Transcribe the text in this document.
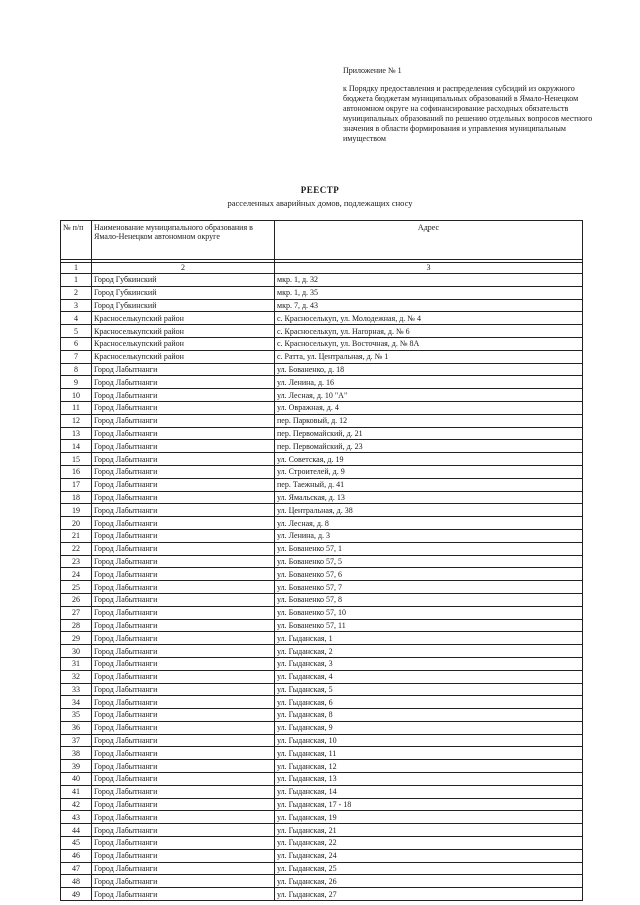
Приложение № 1
к Порядку предоставления и распределения субсидий из окружного бюджета бюджетам муниципальных образований в Ямало-Ненецком автономном округе на софинансирование расходных обязательств муниципальных образований по решению отдельных вопросов местного значения в области формирования и управления муниципальным имуществом
РЕЕСТР
расселенных аварийных домов, подлежащих сносу
№ п/п	Наименование муниципального образования в Ямало-Ненецком автономном округе	Адрес

1	2	3
1	Город Губкинский	мкр. 1, д. 32
2	Город Губкинский	мкр. 1, д. 35
3	Город Губкинский	мкр. 7, д. 43
4	Красноселькупский район	с. Красноселькуп, ул. Молодежная, д. № 4
5	Красноселькупский район	с. Красноселькуп, ул. Нагорная, д. № 6
6	Красноселькупский район	с. Красноселькуп, ул. Восточная, д. № 8А
7	Красноселькупский район	с. Ратта, ул. Центральная, д. № 1
8	Город Лабытнанги	ул. Бованенко, д. 18
9	Город Лабытнанги	ул. Ленина, д. 16
10	Город Лабытнанги	ул. Лесная, д. 10 "А"
11	Город Лабытнанги	ул. Овражная, д. 4
12	Город Лабытнанги	пер. Парковый, д. 12
13	Город Лабытнанги	пер. Первомайский, д. 21
14	Город Лабытнанги	пер. Первомайский, д. 23
15	Город Лабытнанги	ул. Советская, д. 19
16	Город Лабытнанги	ул. Строителей, д. 9
17	Город Лабытнанги	пер. Таежный, д. 41
18	Город Лабытнанги	ул. Ямальская, д. 13
19	Город Лабытнанги	ул. Центральная, д. 38
20	Город Лабытнанги	ул. Лесная, д. 8
21	Город Лабытнанги	ул. Ленина, д. 3
22	Город Лабытнанги	ул. Бованенко 57, 1
23	Город Лабытнанги	ул. Бованенко 57, 5
24	Город Лабытнанги	ул. Бованенко 57, 6
25	Город Лабытнанги	ул. Бованенко 57, 7
26	Город Лабытнанги	ул. Бованенко 57, 8
27	Город Лабытнанги	ул. Бованенко 57, 10
28	Город Лабытнанги	ул. Бованенко 57, 11
29	Город Лабытнанги	ул. Гыданская, 1
30	Город Лабытнанги	ул. Гыданская, 2
31	Город Лабытнанги	ул. Гыданская, 3
32	Город Лабытнанги	ул. Гыданская, 4
33	Город Лабытнанги	ул. Гыданская, 5
34	Город Лабытнанги	ул. Гыданская, 6
35	Город Лабытнанги	ул. Гыданская, 8
36	Город Лабытнанги	ул. Гыданская, 9
37	Город Лабытнанги	ул. Гыданская, 10
38	Город Лабытнанги	ул. Гыданская, 11
39	Город Лабытнанги	ул. Гыданская, 12
40	Город Лабытнанги	ул. Гыданская, 13
41	Город Лабытнанги	ул. Гыданская, 14
42	Город Лабытнанги	ул. Гыданская, 17 - 18
43	Город Лабытнанги	ул. Гыданская, 19
44	Город Лабытнанги	ул. Гыданская, 21
45	Город Лабытнанги	ул. Гыданская, 22
46	Город Лабытнанги	ул. Гыданская, 24
47	Город Лабытнанги	ул. Гыданская, 25
48	Город Лабытнанги	ул. Гыданская, 26
49	Город Лабытнанги	ул. Гыданская, 27
